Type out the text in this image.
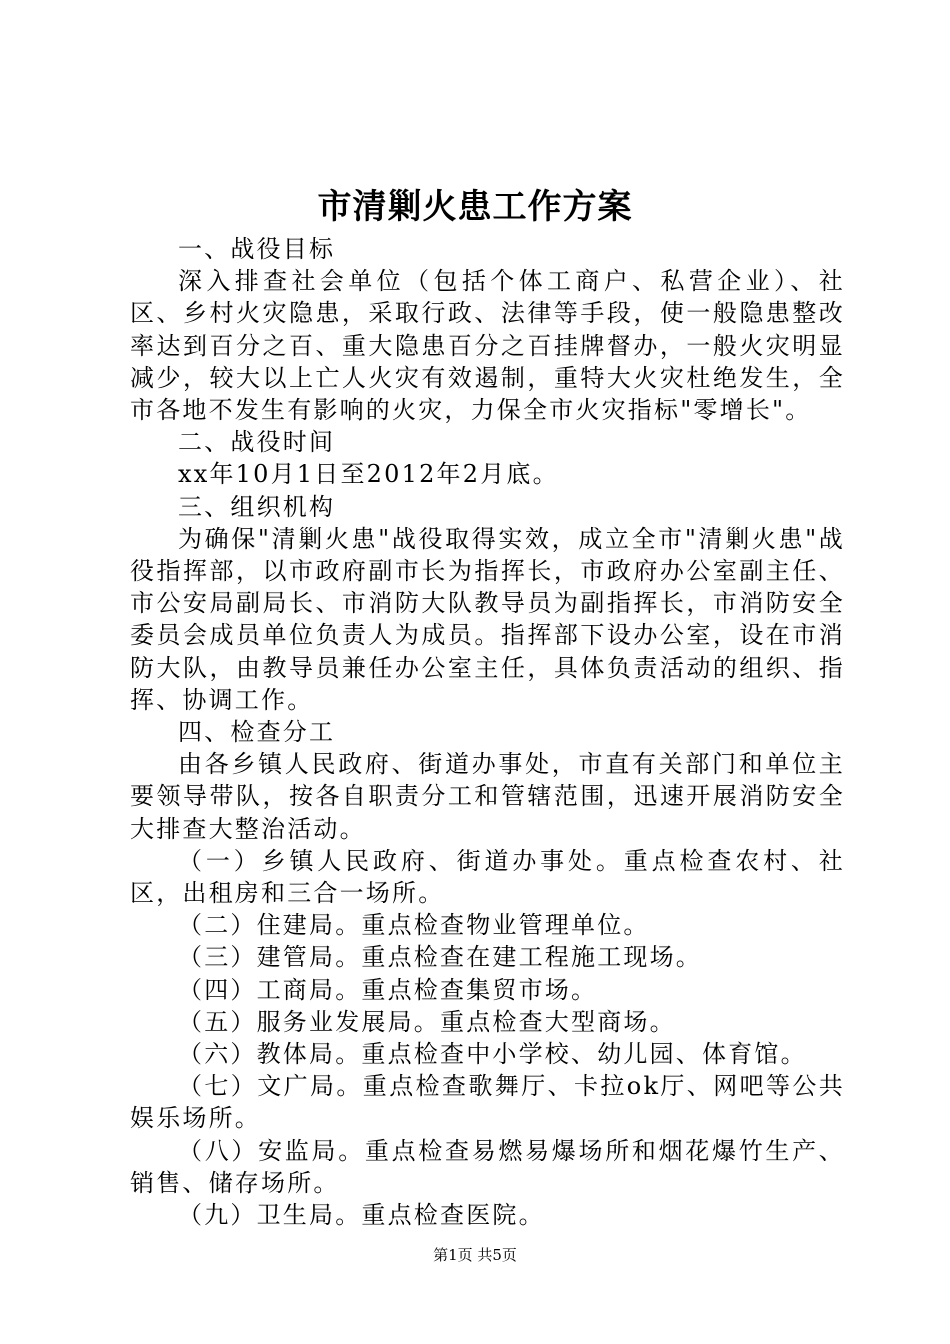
市清剿火患工作方案

一、战役目标

深入排查社会单位（包括个体工商户、私营企业）、社区、乡村火灾隐患，采取行政、法律等手段，使一般隐患整改率达到百分之百、重大隐患百分之百挂牌督办，一般火灾明显减少，较大以上亡人火灾有效遏制，重特大火灾杜绝发生，全市各地不发生有影响的火灾，力保全市火灾指标"零增长"。

二、战役时间

xx年10月1日至2012年2月底。

三、组织机构

为确保"清剿火患"战役取得实效，成立全市"清剿火患"战役指挥部，以市政府副市长为指挥长，市政府办公室副主任、市公安局副局长、市消防大队教导员为副指挥长，市消防安全委员会成员单位负责人为成员。指挥部下设办公室，设在市消防大队，由教导员兼任办公室主任，具体负责活动的组织、指挥、协调工作。

四、检查分工

由各乡镇人民政府、街道办事处，市直有关部门和单位主要领导带队，按各自职责分工和管辖范围，迅速开展消防安全大排查大整治活动。

（一）乡镇人民政府、街道办事处。重点检查农村、社区，出租房和三合一场所。

（二）住建局。重点检查物业管理单位。

（三）建管局。重点检查在建工程施工现场。

（四）工商局。重点检查集贸市场。

（五）服务业发展局。重点检查大型商场。

（六）教体局。重点检查中小学校、幼儿园、体育馆。

（七）文广局。重点检查歌舞厅、卡拉ok厅、网吧等公共娱乐场所。

（八）安监局。重点检查易燃易爆场所和烟花爆竹生产、销售、储存场所。

（九）卫生局。重点检查医院。

第1页 共5页
